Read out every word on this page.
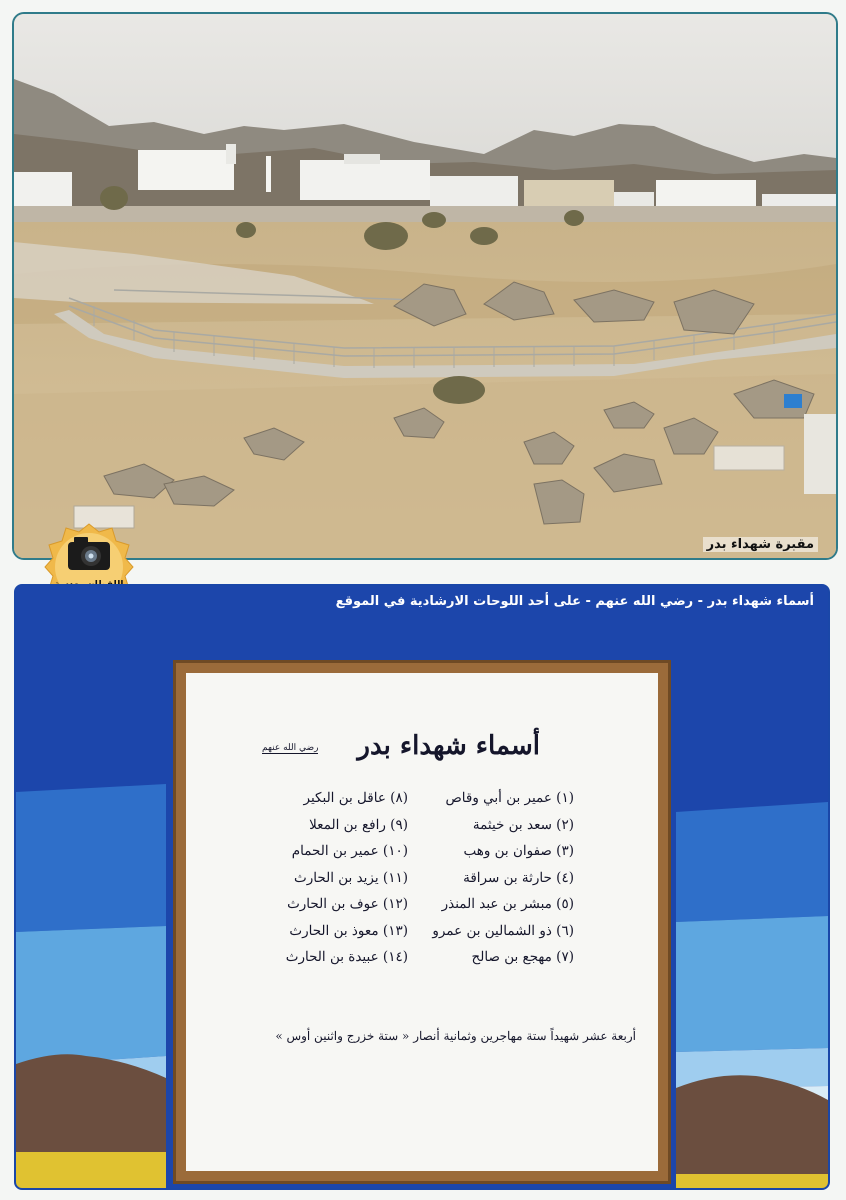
مقبرة شهداء بدر
أسماء شهداء بدر - رضي الله عنهم - على أحد اللوحات الارشادية في الموقع
أسماء شهداء بدر
رضي الله عنهم
(١) عمير بن أبي وقاص
(٢) سعد بن خيثمة
(٣) صفوان بن وهب
(٤) حارثة بن سراقة
(٥) مبشر بن عبد المنذر
(٦) ذو الشمالين بن عمرو
(٧) مهجع بن صالح
(٨) عاقل بن البكير
(٩) رافع بن المعلا
(١٠) عمير بن الحمام
(١١) يزيد بن الحارث
(١٢) عوف بن الحارث
(١٣) معوذ بن الحارث
(١٤) عبيدة بن الحارث
أربعة عشر شهيداً ستة مهاجرين وثمانية أنصار « ستة خزرج واثنين أوس »
